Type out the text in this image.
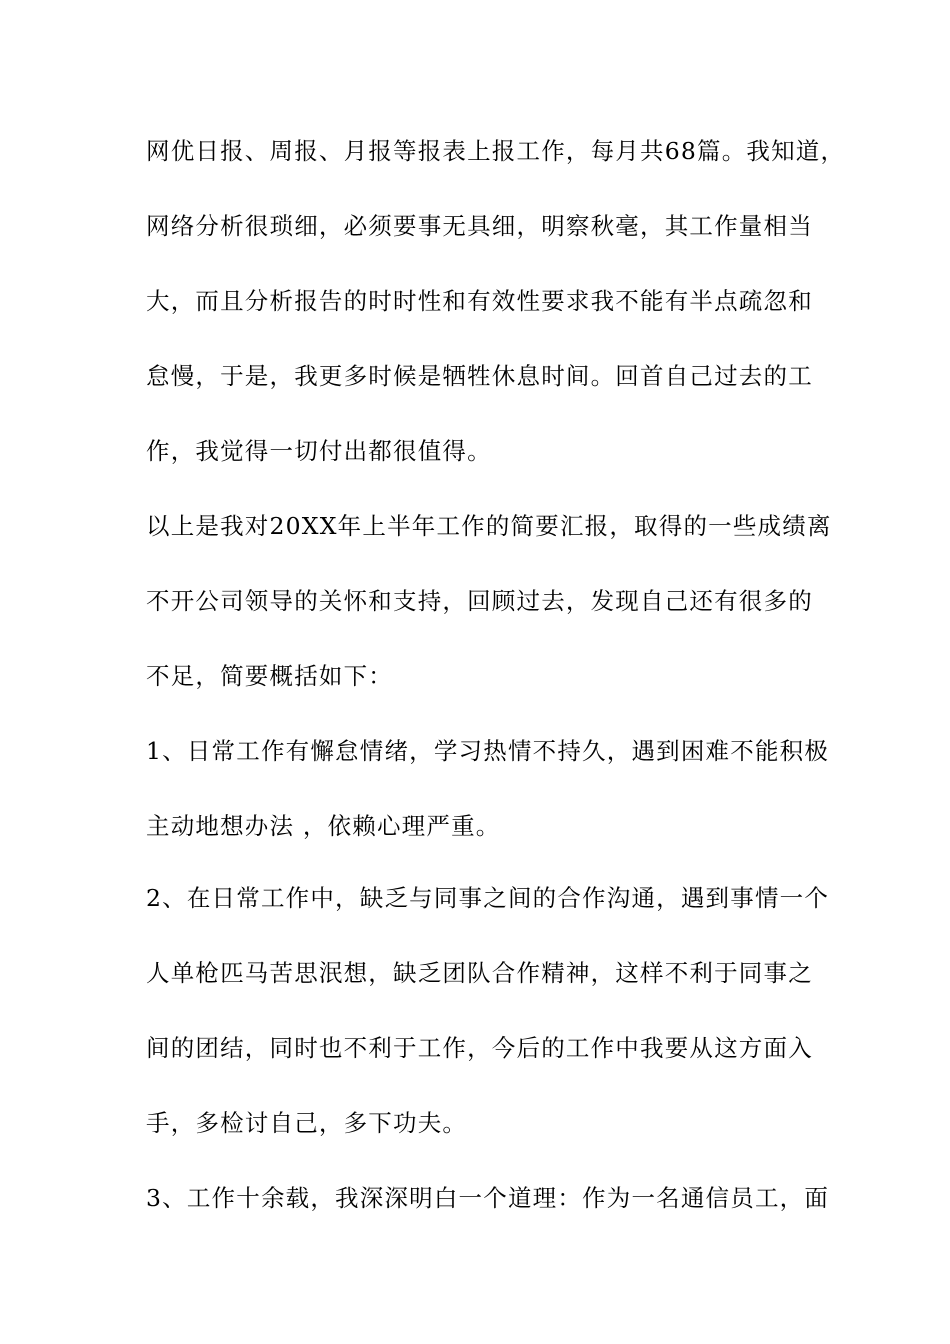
网优日报、周报、月报等报表上报工作，每月共68篇。我知道，
网络分析很琐细，必须要事无具细，明察秋毫，其工作量相当
大，而且分析报告的时时性和有效性要求我不能有半点疏忽和
怠慢，于是，我更多时候是牺牲休息时间。回首自己过去的工
作，我觉得一切付出都很值得。
以上是我对20XX年上半年工作的简要汇报，取得的一些成绩离
不开公司领导的关怀和支持，回顾过去，发现自己还有很多的
不足，简要概括如下：
1、日常工作有懈怠情绪，学习热情不持久，遇到困难不能积极
主动地想办法 ，依赖心理严重。
2、在日常工作中，缺乏与同事之间的合作沟通，遇到事情一个
人单枪匹马苦思泯想，缺乏团队合作精神，这样不利于同事之
间的团结，同时也不利于工作，今后的工作中我要从这方面入
手，多检讨自己，多下功夫。
3、工作十余载，我深深明白一个道理：作为一名通信员工，面
